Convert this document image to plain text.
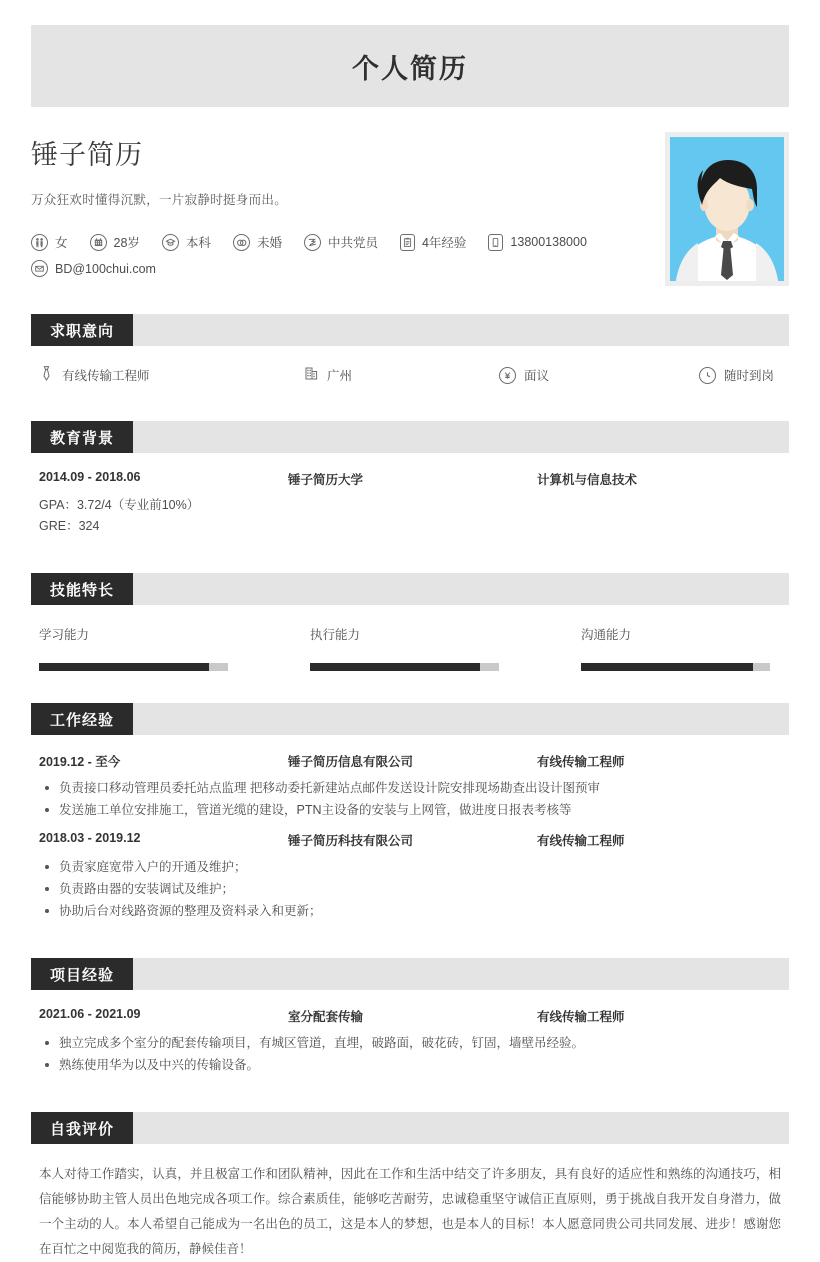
个人简历
锤子简历
万众狂欢时懂得沉默，一片寂静时挺身而出。
女	28岁	本科	未婚	中共党员	4年经验	13800138000
BD@100chui.com
求职意向
有线传输工程师	广州	面议	随时到岗
教育背景
2014.09 - 2018.06	锤子简历大学	计算机与信息技术
GPA：3.72/4（专业前10%）
GRE：324
技能特长
学习能力	执行能力	沟通能力
工作经验
2019.12 - 至今	锤子简历信息有限公司	有线传输工程师
负责接口移动管理员委托站点监理 把移动委托新建站点邮件发送设计院安排现场勘查出设计图预审
发送施工单位安排施工，管道光缆的建设，PTN主设备的安装与上网管，做进度日报表考核等
2018.03 - 2019.12	锤子简历科技有限公司	有线传输工程师
负责家庭宽带入户的开通及维护；
负责路由器的安装调试及维护；
协助后台对线路资源的整理及资料录入和更新；
项目经验
2021.06 - 2021.09	室分配套传输	有线传输工程师
独立完成多个室分的配套传输项目，有城区管道，直埋，破路面，破花砖，钉固，墙壁吊经验。
熟练使用华为以及中兴的传输设备。
自我评价
本人对待工作踏实，认真，并且极富工作和团队精神，因此在工作和生活中结交了许多朋友，具有良好的适应性和熟练的沟通技巧，相信能够协助主管人员出色地完成各项工作。综合素质佳，能够吃苦耐劳，忠诚稳重坚守诚信正直原则，勇于挑战自我开发自身潜力，做一个主动的人。本人希望自己能成为一名出色的员工，这是本人的梦想，也是本人的目标！本人愿意同贵公司共同发展、进步！感谢您在百忙之中阅览我的简历，静候佳音！
